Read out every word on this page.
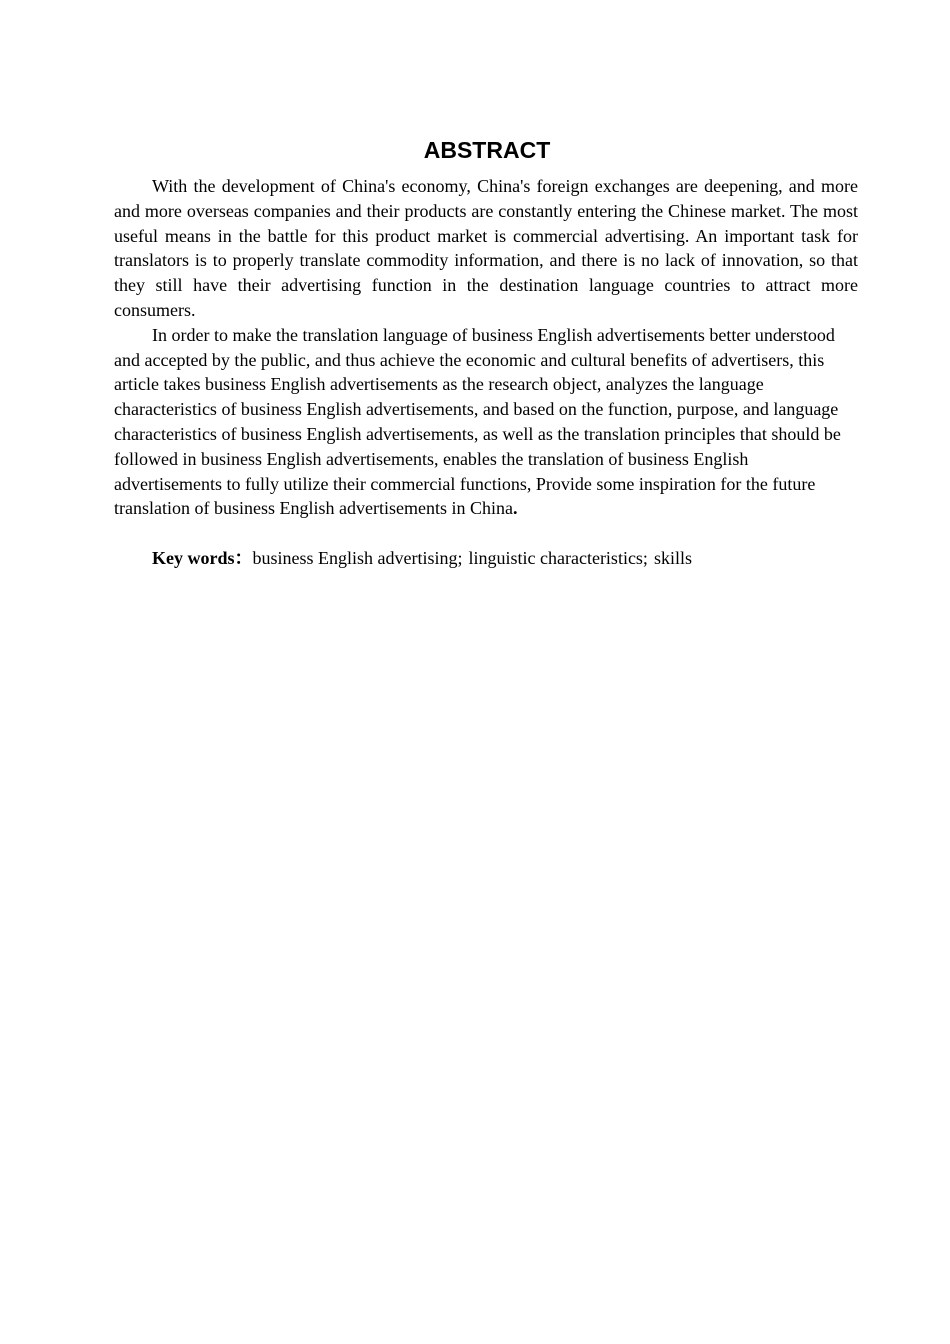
ABSTRACT

With the development of China's economy, China's foreign exchanges are deepening, and more and more overseas companies and their products are constantly entering the Chinese market. The most useful means in the battle for this product market is commercial advertising. An important task for translators is to properly translate commodity information, and there is no lack of innovation, so that they still have their advertising function in the destination language countries to attract more consumers.

In order to make the translation language of business English advertisements better understood and accepted by the public, and thus achieve the economic and cultural benefits of advertisers, this article takes business English advertisements as the research object, analyzes the language characteristics of business English advertisements, and based on the function, purpose, and language characteristics of business English advertisements, as well as the translation principles that should be followed in business English advertisements, enables the translation of business English advertisements to fully utilize their commercial functions, Provide some inspiration for the future translation of business English advertisements in China.

Key words：business English advertising; linguistic characteristics; skills
